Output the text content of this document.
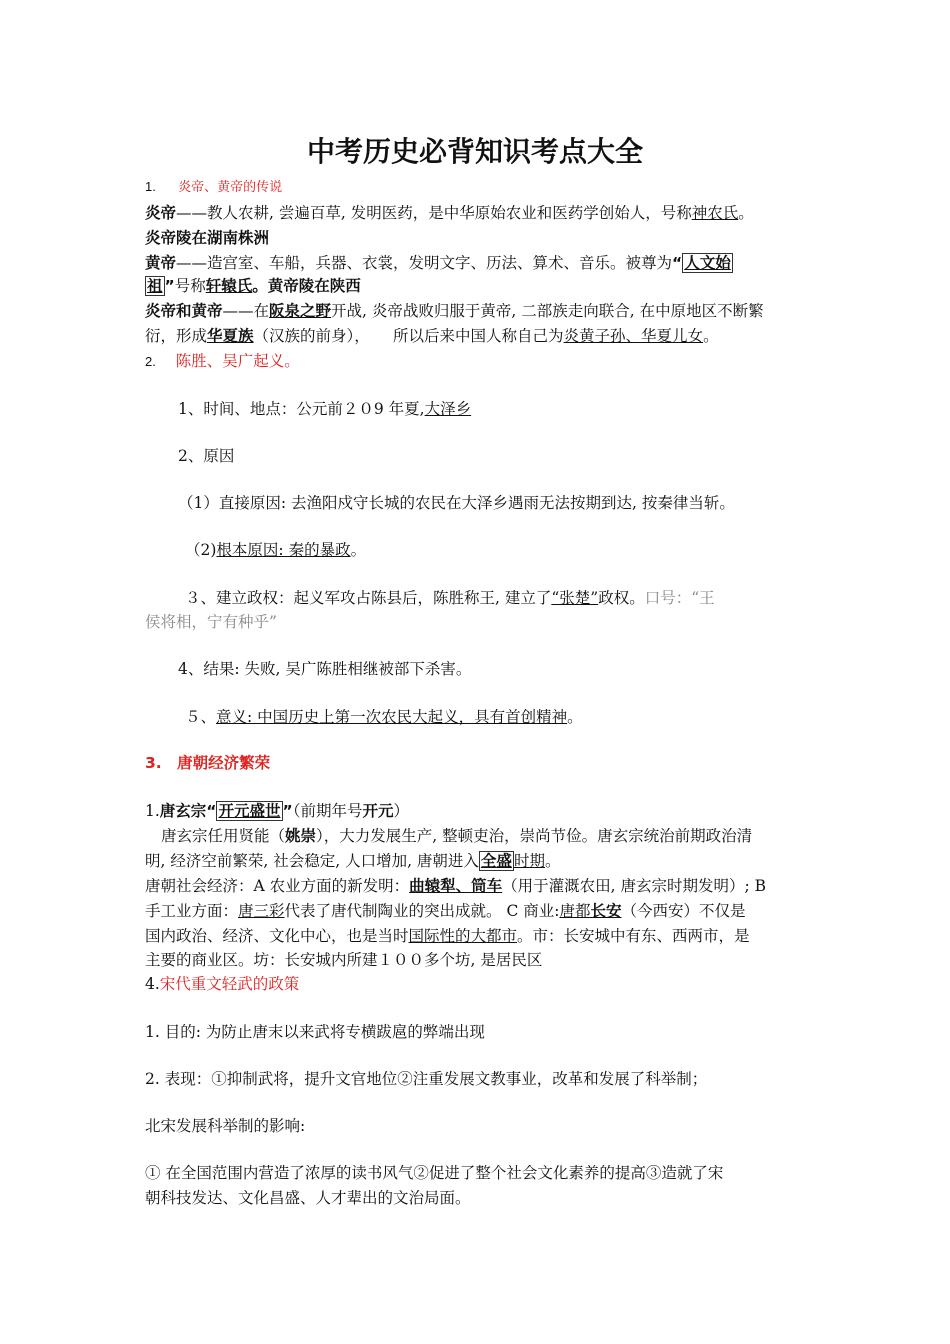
中考历史必背知识考点大全
1. 炎帝、黄帝的传说
炎帝——教人农耕, 尝遍百草, 发明医药，是中华原始农业和医药学创始人，号称神农氏。
炎帝陵在湖南株洲
黄帝——造宫室、车船，兵器、衣裳，发明文字、历法、算术、音乐。被尊为“ 人文始
祖 ”号称轩辕氏。黄帝陵在陕西
炎帝和黄帝——在阪泉之野开战, 炎帝战败归服于黄帝, 二部族走向联合, 在中原地区不断繁
衍，形成华夏族（汉族的前身），　　所以后来中国人称自己为炎黄子孙、华夏儿女。
2. 陈胜、吴广起义。
1、时间、地点：公元前２０9 年夏,大泽乡
2、原因
（1）直接原因: 去渔阳戍守长城的农民在大泽乡遇雨无法按期到达, 按秦律当斩。
（2)根本原因: 秦的暴政。
３、建立政权：起义军攻占陈县后，陈胜称王, 建立了“张楚”政权。口号：“王
侯将相，宁有种乎”
4、结果: 失败, 吴广陈胜相继被部下杀害。
５、意义: 中国历史上第一次农民大起义，具有首创精神。
3.　唐朝经济繁荣
1.唐玄宗“ 开元盛世 ”（前期年号开元）
唐玄宗任用贤能（姚崇），大力发展生产, 整顿吏治，崇尚节俭。唐玄宗统治前期政治清
明, 经济空前繁荣, 社会稳定, 人口增加, 唐朝进入 全盛 时期。
唐朝社会经济：A 农业方面的新发明：曲辕犁、筒车（用于灌溉农田, 唐玄宗时期发明）; B
手工业方面：唐三彩代表了唐代制陶业的突出成就。 C 商业:唐都长安（今西安）不仅是
国内政治、经济、文化中心，也是当时国际性的大都市。市：长安城中有东、西两市，是
主要的商业区。坊：长安城内所建１００多个坊, 是居民区
4.宋代重文轻武的政策
1. 目的: 为防止唐末以来武将专横跋扈的弊端出现
2. 表现：①抑制武将，提升文官地位②注重发展文教事业，改革和发展了科举制；
北宋发展科举制的影响:
① 在全国范围内营造了浓厚的读书风气②促进了整个社会文化素养的提高③造就了宋
朝科技发达、文化昌盛、人才辈出的文治局面。
